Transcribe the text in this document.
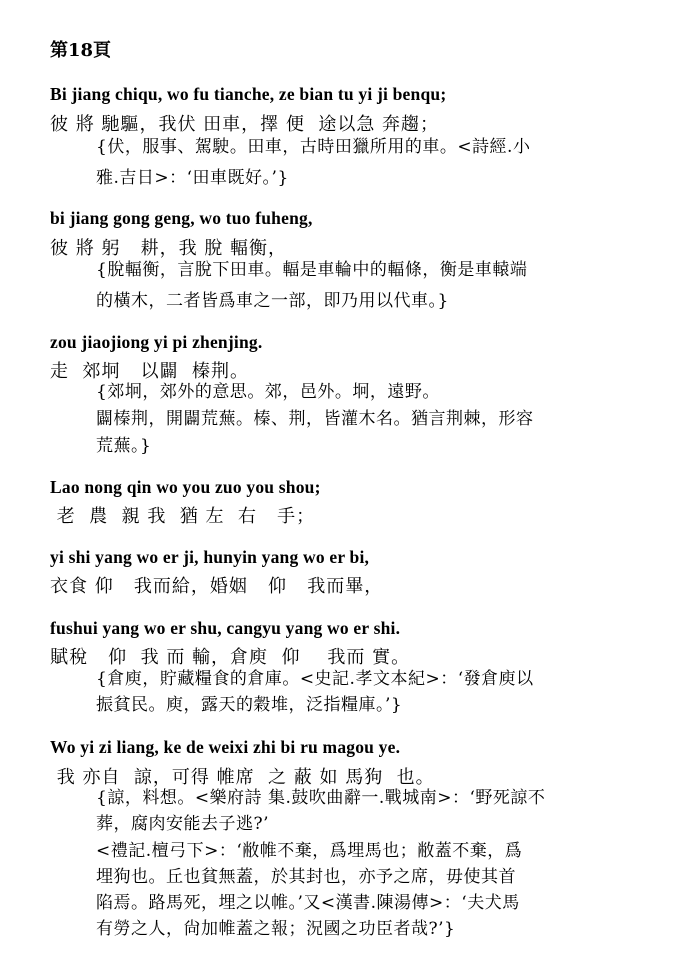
第18頁
Bi jiang chiqu, wo fu tianche, ze bian tu yi ji benqu;
彼 將 馳驅，我伏 田車，擇 便  途以急 奔趨；
{伏，服事、駕駛。田車，古時田獵所用的車。<詩經.小
雅.吉日>：‘田車既好。’}
bi jiang gong geng, wo tuo fuheng,
彼 將 躬   耕，我 脫 輻衡，
{脫輻衡，言脫下田車。輻是車輪中的輻條，衡是車轅端
的橫木，二者皆爲車之一部，即乃用以代車。}
zou jiaojiong yi pi zhenjing.
走  郊坰   以闢  榛荆。
{郊坰，郊外的意思。郊，邑外。坰，遠野。
闢榛荆，開闢荒蕪。榛、荆，皆灌木名。猶言荆棘，形容
荒蕪。}
Lao nong qin wo you zuo you shou;
老  農  親 我  猶 左  右   手；
yi shi yang wo er ji, hunyin yang wo er bi,
衣食 仰   我而給，婚姻   仰   我而畢，
fushui yang wo er shu, cangyu yang wo er shi.
賦稅   仰  我 而 輸，倉庾  仰    我而 實。
{倉庾，貯藏糧食的倉庫。<史記.孝文本紀>：‘發倉庾以
振貧民。庾，露天的穀堆，泛指糧庫。’}
Wo yi zi liang, ke de weixi zhi bi ru magou ye.
我 亦自  諒，可得 帷席  之 蔽 如 馬狗  也。
{諒，料想。<樂府詩 集.鼓吹曲辭一.戰城南>：‘野死諒不
葬，腐肉安能去子逃?’
<禮記.檀弓下>：‘敝帷不棄，爲埋馬也；敝蓋不棄，爲
埋狗也。丘也貧無蓋，於其封也，亦予之席，毋使其首
陷焉。路馬死，埋之以帷。’又<漢書.陳湯傳>：‘夫犬馬
有勞之人，尙加帷蓋之報；況國之功臣者哉?’}
